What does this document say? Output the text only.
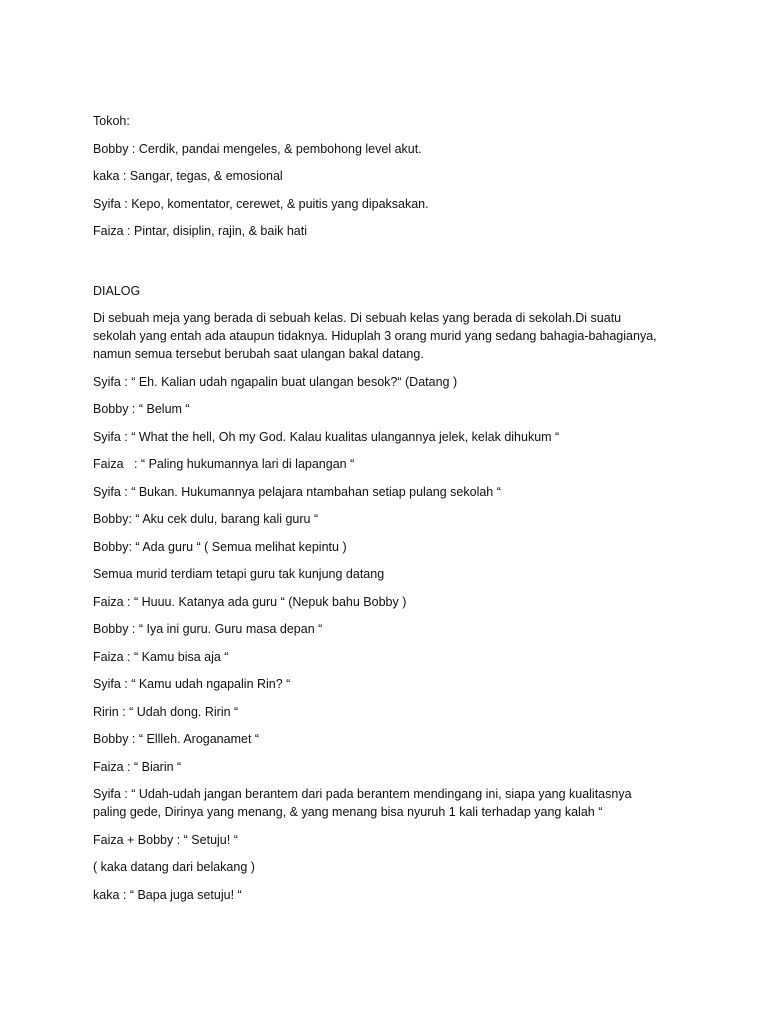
Tokoh:
Bobby : Cerdik, pandai mengeles, & pembohong level akut.
kaka : Sangar, tegas, & emosional
Syifa : Kepo, komentator, cerewet, & puitis yang dipaksakan.
Faiza : Pintar, disiplin, rajin, & baik hati
DIALOG
Di sebuah meja yang berada di sebuah kelas. Di sebuah kelas yang berada di sekolah.Di suatu
sekolah yang entah ada ataupun tidaknya. Hiduplah 3 orang murid yang sedang bahagia-bahagianya,
namun semua tersebut berubah saat ulangan bakal datang.
Syifa : “ Eh. Kalian udah ngapalin buat ulangan besok?“ (Datang )
Bobby : “ Belum “
Syifa : “ What the hell, Oh my God. Kalau kualitas ulangannya jelek, kelak dihukum “
Faiza   : “ Paling hukumannya lari di lapangan “
Syifa : “ Bukan. Hukumannya pelajara ntambahan setiap pulang sekolah “
Bobby: “ Aku cek dulu, barang kali guru “
Bobby: “ Ada guru “ ( Semua melihat kepintu )
Semua murid terdiam tetapi guru tak kunjung datang
Faiza : “ Huuu. Katanya ada guru “ (Nepuk bahu Bobby )
Bobby : “ Iya ini guru. Guru masa depan “
Faiza : “ Kamu bisa aja “
Syifa : “ Kamu udah ngapalin Rin? “
Ririn : “ Udah dong. Ririn “
Bobby : “ Ellleh. Aroganamet “
Faiza : “ Biarin “
Syifa : “ Udah-udah jangan berantem dari pada berantem mendingang ini, siapa yang kualitasnya
paling gede, Dirinya yang menang, & yang menang bisa nyuruh 1 kali terhadap yang kalah “
Faiza + Bobby : “ Setuju! “
( kaka datang dari belakang )
kaka : “ Bapa juga setuju! “
